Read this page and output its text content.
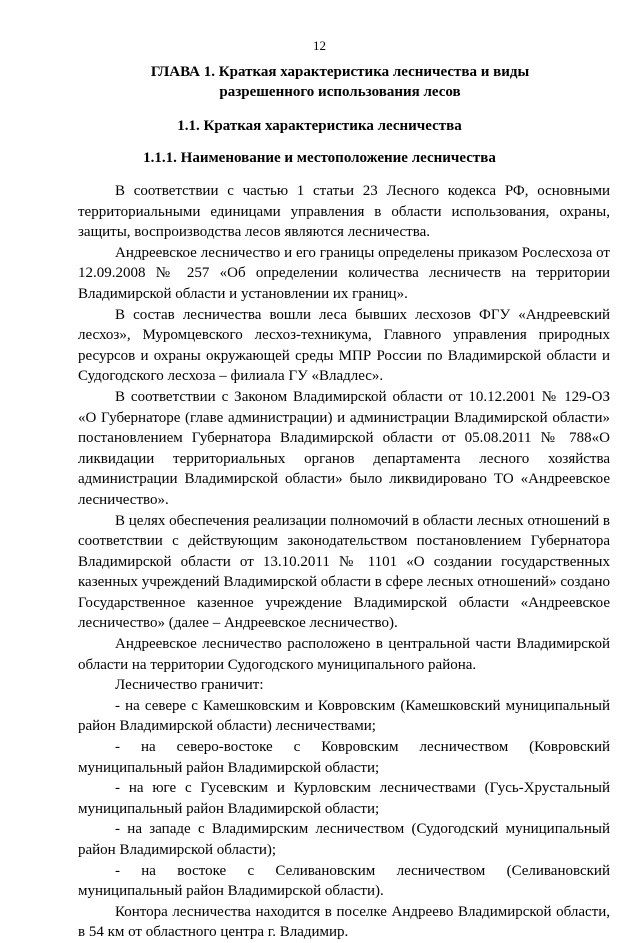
12
ГЛАВА 1. Краткая характеристика лесничества и виды разрешенного использования лесов
1.1. Краткая характеристика лесничества
1.1.1. Наименование и местоположение лесничества

В соответствии с частью 1 статьи 23 Лесного кодекса РФ, основными территориальными единицами управления в области использования, охраны, защиты, воспроизводства лесов являются лесничества.

Андреевское лесничество и его границы определены приказом Рослесхоза от 12.09.2008 № 257 «Об определении количества лесничеств на территории Владимирской области и установлении их границ».

В состав лесничества вошли леса бывших лесхозов ФГУ «Андреевский лесхоз», Муромцевского лесхоз-техникума, Главного управления природных ресурсов и охраны окружающей среды МПР России по Владимирской области и Судогодского лесхоза – филиала ГУ «Владлес».

В соответствии с Законом Владимирской области от 10.12.2001 № 129-ОЗ «О Губернаторе (главе администрации) и администрации Владимирской области» постановлением Губернатора Владимирской области от 05.08.2011 № 788«О ликвидации территориальных органов департамента лесного хозяйства администрации Владимирской области» было ликвидировано ТО «Андреевское лесничество».

В целях обеспечения реализации полномочий в области лесных отношений в соответствии с действующим законодательством постановлением Губернатора Владимирской области от 13.10.2011 № 1101 «О создании государственных казенных учреждений Владимирской области в сфере лесных отношений» создано Государственное казенное учреждение Владимирской области «Андреевское лесничество» (далее – Андреевское лесничество).

Андреевское лесничество расположено в центральной части Владимирской области на территории Судогодского муниципального района.

Лесничество граничит:

- на севере с Камешковским и Ковровским (Камешковский муниципальный район Владимирской области) лесничествами;

- на северо-востоке с Ковровским лесничеством (Ковровский муниципальный район Владимирской области;

- на юге с Гусевским и Курловским лесничествами (Гусь-Хрустальный муниципальный район Владимирской области;

- на западе с Владимирским лесничеством (Судогодский муниципальный район Владимирской области);

- на востоке с Селивановским лесничеством (Селивановский муниципальный район Владимирской области).

Контора лесничества находится в поселке Андреево Владимирской области, в 54 км от областного центра г. Владимир.
